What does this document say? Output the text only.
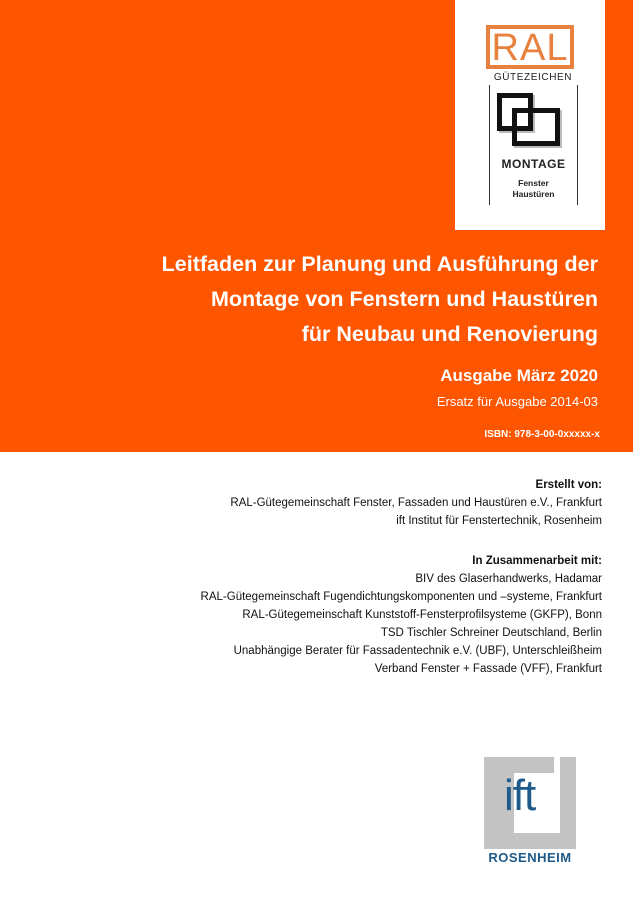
RAL
GÜTEZEICHEN
MONTAGE
Fenster
Haustüren
Leitfaden zur Planung und Ausführung der
Montage von Fenstern und Haustüren
für Neubau und Renovierung
Ausgabe März 2020
Ersatz für Ausgabe 2014-03
ISBN: 978-3-00-0xxxxx-x
Erstellt von:
RAL-Gütegemeinschaft Fenster, Fassaden und Haustüren e.V., Frankfurt
ift Institut für Fenstertechnik, Rosenheim
In Zusammenarbeit mit:
BIV des Glaserhandwerks, Hadamar
RAL-Gütegemeinschaft Fugendichtungskomponenten und –systeme, Frankfurt
RAL-Gütegemeinschaft Kunststoff-Fensterprofilsysteme (GKFP), Bonn
TSD Tischler Schreiner Deutschland, Berlin
Unabhängige Berater für Fassadentechnik e.V. (UBF), Unterschleißheim
Verband Fenster + Fassade (VFF), Frankfurt
ift
ROSENHEIM
